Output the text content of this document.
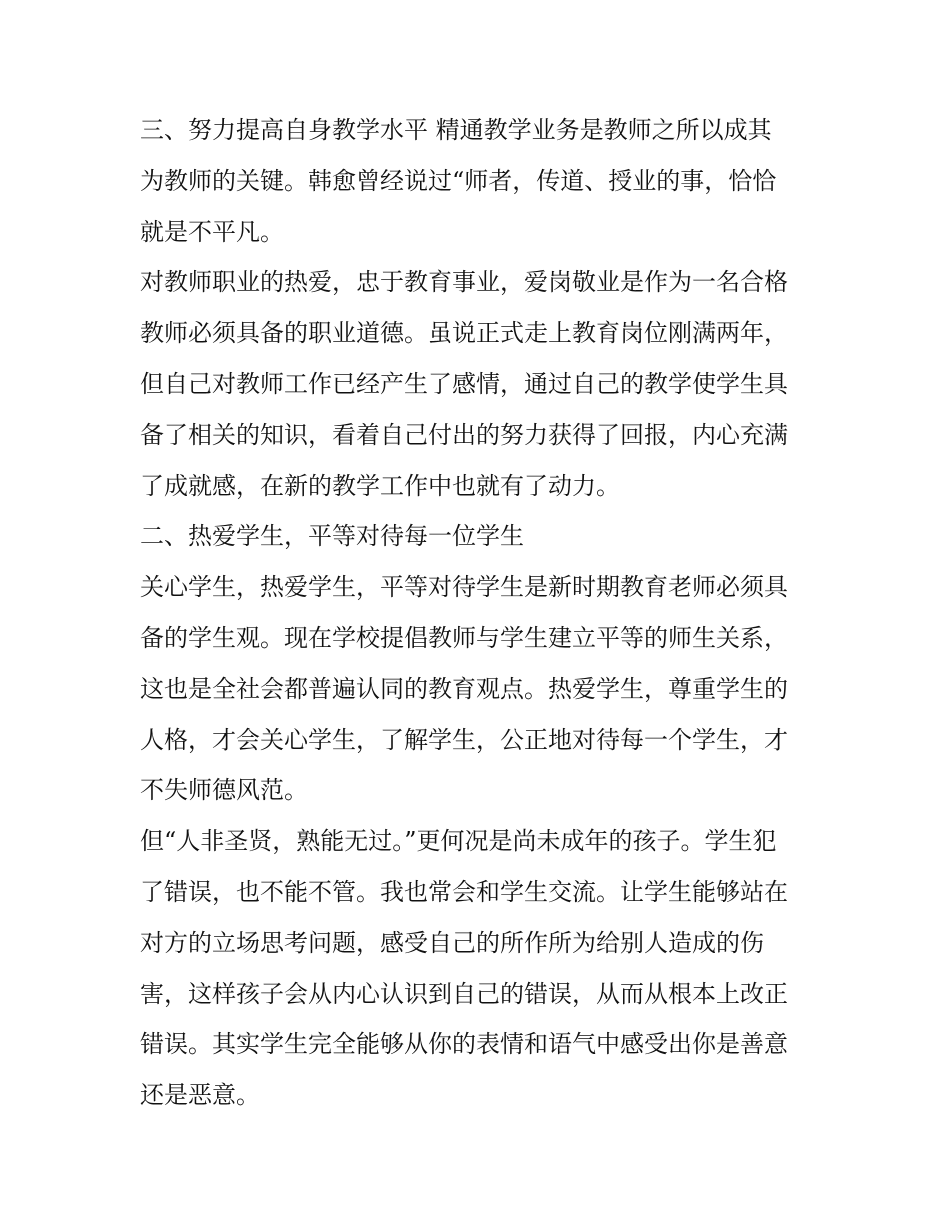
三、努力提高自身教学水平 精通教学业务是教师之所以成其
为教师的关键。韩愈曾经说过“师者，传道、授业的事，恰恰
就是不平凡。
对教师职业的热爱，忠于教育事业，爱岗敬业是作为一名合格
教师必须具备的职业道德。虽说正式走上教育岗位刚满两年，
但自己对教师工作已经产生了感情，通过自己的教学使学生具
备了相关的知识，看着自己付出的努力获得了回报，内心充满
了成就感，在新的教学工作中也就有了动力。
二、热爱学生，平等对待每一位学生
关心学生，热爱学生，平等对待学生是新时期教育老师必须具
备的学生观。现在学校提倡教师与学生建立平等的师生关系，
这也是全社会都普遍认同的教育观点。热爱学生，尊重学生的
人格，才会关心学生，了解学生，公正地对待每一个学生，才
不失师德风范。
但“人非圣贤，熟能无过。”更何况是尚未成年的孩子。学生犯
了错误，也不能不管。我也常会和学生交流。让学生能够站在
对方的立场思考问题，感受自己的所作所为给别人造成的伤
害，这样孩子会从内心认识到自己的错误，从而从根本上改正
错误。其实学生完全能够从你的表情和语气中感受出你是善意
还是恶意。
